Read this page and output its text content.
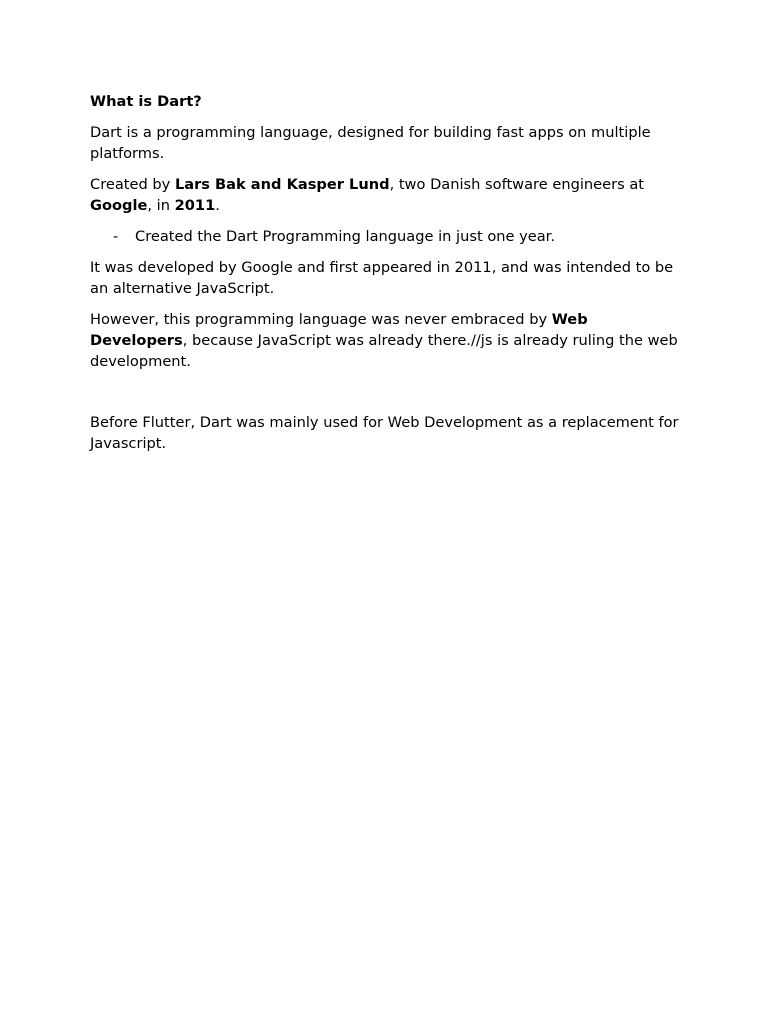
What is Dart?

Dart is a programming language, designed for building fast apps on multiple platforms.

Created by Lars Bak and Kasper Lund, two Danish software engineers at Google, in 2011.

- Created the Dart Programming language in just one year.

It was developed by Google and first appeared in 2011, and was intended to be an alternative JavaScript.

However, this programming language was never embraced by Web Developers, because JavaScript was already there.//js is already ruling the web development.

Before Flutter, Dart was mainly used for Web Development as a replacement for Javascript.
